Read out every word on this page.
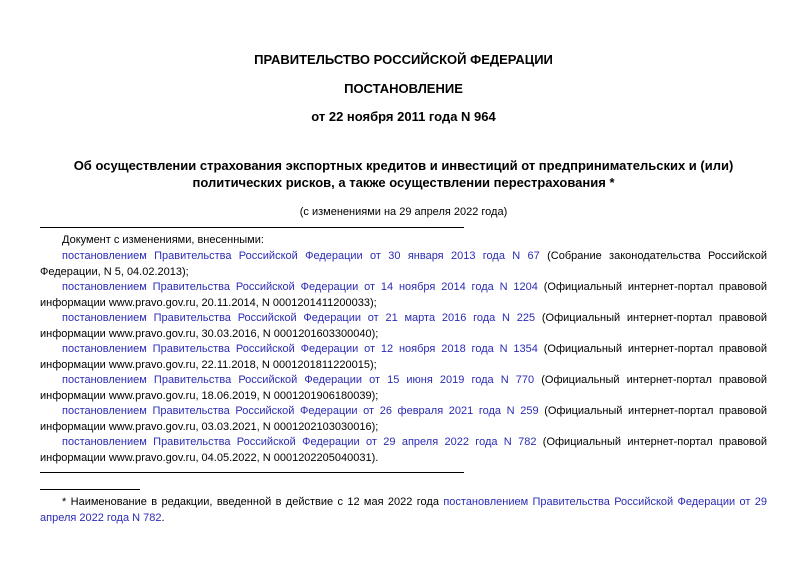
ПРАВИТЕЛЬСТВО РОССИЙСКОЙ ФЕДЕРАЦИИ
ПОСТАНОВЛЕНИЕ
от 22 ноября 2011 года N 964
Об осуществлении страхования экспортных кредитов и инвестиций от предпринимательских и (или) политических рисков, а также осуществлении перестрахования *
(с изменениями на 29 апреля 2022 года)
Документ с изменениями, внесенными:
постановлением Правительства Российской Федерации от 30 января 2013 года N 67 (Собрание законодательства Российской Федерации, N 5, 04.02.2013);
постановлением Правительства Российской Федерации от 14 ноября 2014 года N 1204 (Официальный интернет-портал правовой информации www.pravo.gov.ru, 20.11.2014, N 0001201411200033);
постановлением Правительства Российской Федерации от 21 марта 2016 года N 225 (Официальный интернет-портал правовой информации www.pravo.gov.ru, 30.03.2016, N 0001201603300040);
постановлением Правительства Российской Федерации от 12 ноября 2018 года N 1354 (Официальный интернет-портал правовой информации www.pravo.gov.ru, 22.11.2018, N 0001201811220015);
постановлением Правительства Российской Федерации от 15 июня 2019 года N 770 (Официальный интернет-портал правовой информации www.pravo.gov.ru, 18.06.2019, N 0001201906180039);
постановлением Правительства Российской Федерации от 26 февраля 2021 года N 259 (Официальный интернет-портал правовой информации www.pravo.gov.ru, 03.03.2021, N 0001202103030016);
постановлением Правительства Российской Федерации от 29 апреля 2022 года N 782 (Официальный интернет-портал правовой информации www.pravo.gov.ru, 04.05.2022, N 0001202205040031).
* Наименование в редакции, введенной в действие с 12 мая 2022 года постановлением Правительства Российской Федерации от 29 апреля 2022 года N 782.
